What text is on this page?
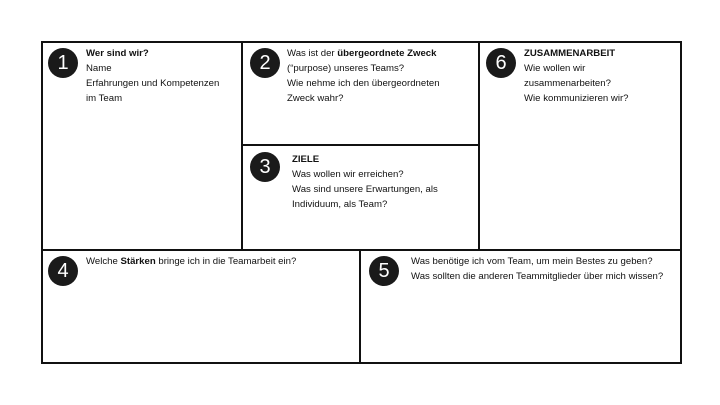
1	Wer sind wir?
Name
Erfahrungen und Kompetenzen
im Team
2	Was ist der übergeordnete Zweck
(“purpose) unseres Teams?
Wie nehme ich den übergeordneten
Zweck wahr?
3	ZIELE
Was wollen wir erreichen?
Was sind unsere Erwartungen, als
Individuum, als Team?
6	ZUSAMMENARBEIT
Wie wollen wir
zusammenarbeiten?
Wie kommunizieren wir?
4	Welche Stärken bringe ich in die Teamarbeit ein?	5	Was benötige ich vom Team, um mein Bestes zu geben?
Was sollten die anderen Teammitglieder über mich wissen?
